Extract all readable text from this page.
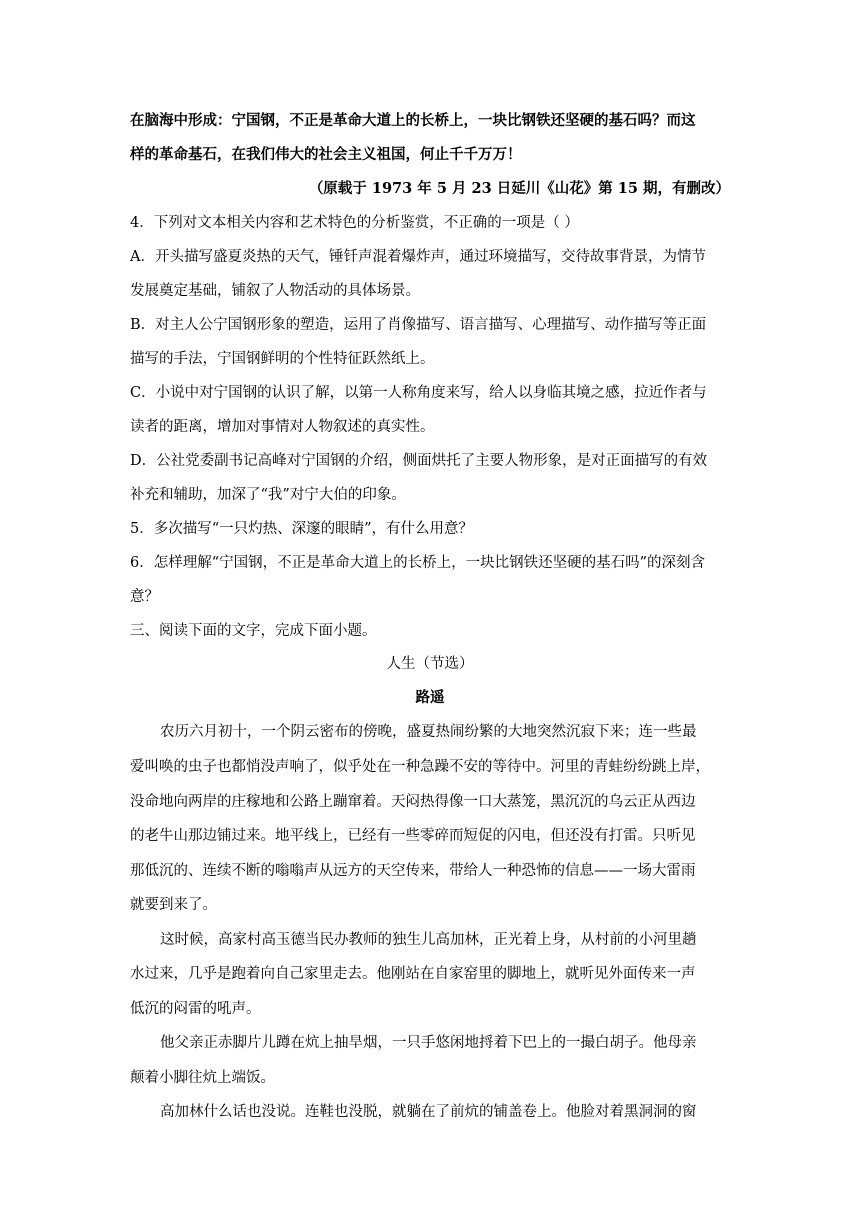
在脑海中形成：宁国钢，不正是革命大道上的长桥上，一块比钢铁还坚硬的基石吗？而这
样的革命基石，在我们伟大的社会主义祖国，何止千千万万！
（原载于 1973 年 5 月 23 日延川《山花》第 15 期，有删改）
4．下列对文本相关内容和艺术特色的分析鉴赏，不正确的一项是（ ）
A．开头描写盛夏炎热的天气，锤钎声混着爆炸声，通过环境描写，交待故事背景，为情节
发展奠定基础，铺叙了人物活动的具体场景。
B．对主人公宁国钢形象的塑造，运用了肖像描写、语言描写、心理描写、动作描写等正面
描写的手法，宁国钢鲜明的个性特征跃然纸上。
C．小说中对宁国钢的认识了解，以第一人称角度来写，给人以身临其境之感，拉近作者与
读者的距离，增加对事情对人物叙述的真实性。
D．公社党委副书记高峰对宁国钢的介绍，侧面烘托了主要人物形象，是对正面描写的有效
补充和辅助，加深了“我”对宁大伯的印象。
5．多次描写“一只灼热、深邃的眼睛”，有什么用意？
6．怎样理解“宁国钢，不正是革命大道上的长桥上，一块比钢铁还坚硬的基石吗”的深刻含
意？
三、阅读下面的文字，完成下面小题。
人生（节选）
路遥
农历六月初十，一个阴云密布的傍晚，盛夏热闹纷繁的大地突然沉寂下来；连一些最
爱叫唤的虫子也都悄没声响了，似乎处在一种急躁不安的等待中。河里的青蛙纷纷跳上岸，
没命地向两岸的庄稼地和公路上蹦窜着。天闷热得像一口大蒸笼，黑沉沉的乌云正从西边
的老牛山那边铺过来。地平线上，已经有一些零碎而短促的闪电，但还没有打雷。只听见
那低沉的、连续不断的嗡嗡声从远方的天空传来，带给人一种恐怖的信息——一场大雷雨
就要到来了。
这时候，高家村高玉德当民办教师的独生儿高加林，正光着上身，从村前的小河里趟
水过来，几乎是跑着向自己家里走去。他刚站在自家窑里的脚地上，就听见外面传来一声
低沉的闷雷的吼声。
他父亲正赤脚片儿蹲在炕上抽旱烟，一只手悠闲地捋着下巴上的一撮白胡子。他母亲
颠着小脚往炕上端饭。
高加林什么话也没说。连鞋也没脱，就躺在了前炕的铺盖卷上。他脸对着黑洞洞的窗
